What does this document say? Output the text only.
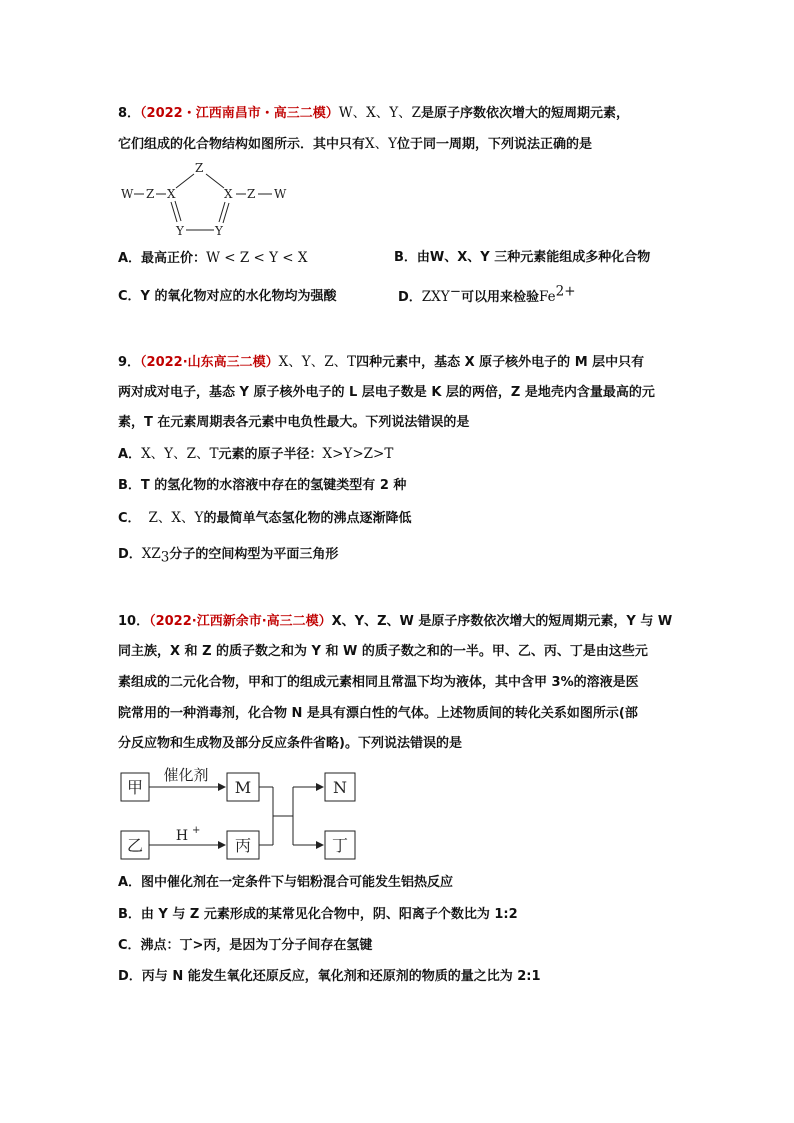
8．（2022・江西南昌市・高三二模）W、X、Y、Z是原子序数依次增大的短周期元素，
它们组成的化合物结构如图所示．其中只有X、Y位于同一周期，下列说法正确的是
W Z X
Z
X Z W
Y	Y
A．最高正价：W < Z < Y < X	B．由W、X、Y 三种元素能组成多种化合物
C．Y 的氧化物对应的水化物均为强酸	D．ZXY−可以用来检验$Fe^{2+}$
9．（2022·山东高三二模）X、Y、Z、T四种元素中，基态 X 原子核外电子的 M 层中只有
两对成对电子，基态 Y 原子核外电子的 L 层电子数是 K 层的两倍，Z 是地壳内含量最高的元
素，T 在元素周期表各元素中电负性最大。下列说法错误的是
A．X、Y、Z、T元素的原子半径：X>Y>Z>T
B．T 的氢化物的水溶液中存在的氢键类型有 2 种
C． Z、X、Y的最简单气态氢化物的沸点逐渐降低
D．$XZ_3$分子的空间构型为平面三角形
10．（2022·江西新余市·高三二模）X、Y、Z、W 是原子序数依次增大的短周期元素，Y 与 W
同主族，X 和 Z 的质子数之和为 Y 和 W 的质子数之和的一半。甲、乙、丙、丁是由这些元
素组成的二元化合物，甲和丁的组成元素相同且常温下均为液体，其中含甲 3%的溶液是医
院常用的一种消毒剂，化合物 N 是具有漂白性的气体。上述物质间的转化关系如图所示(部
分反应物和生成物及部分反应条件省略)。下列说法错误的是
甲	M	N
乙	丙	丁
催化剂
H +
A．图中催化剂在一定条件下与铝粉混合可能发生铝热反应
B．由 Y 与 Z 元素形成的某常见化合物中，阴、阳离子个数比为 1:2
C．沸点：丁>丙，是因为丁分子间存在氢键
D．丙与 N 能发生氧化还原反应，氧化剂和还原剂的物质的量之比为 2:1
